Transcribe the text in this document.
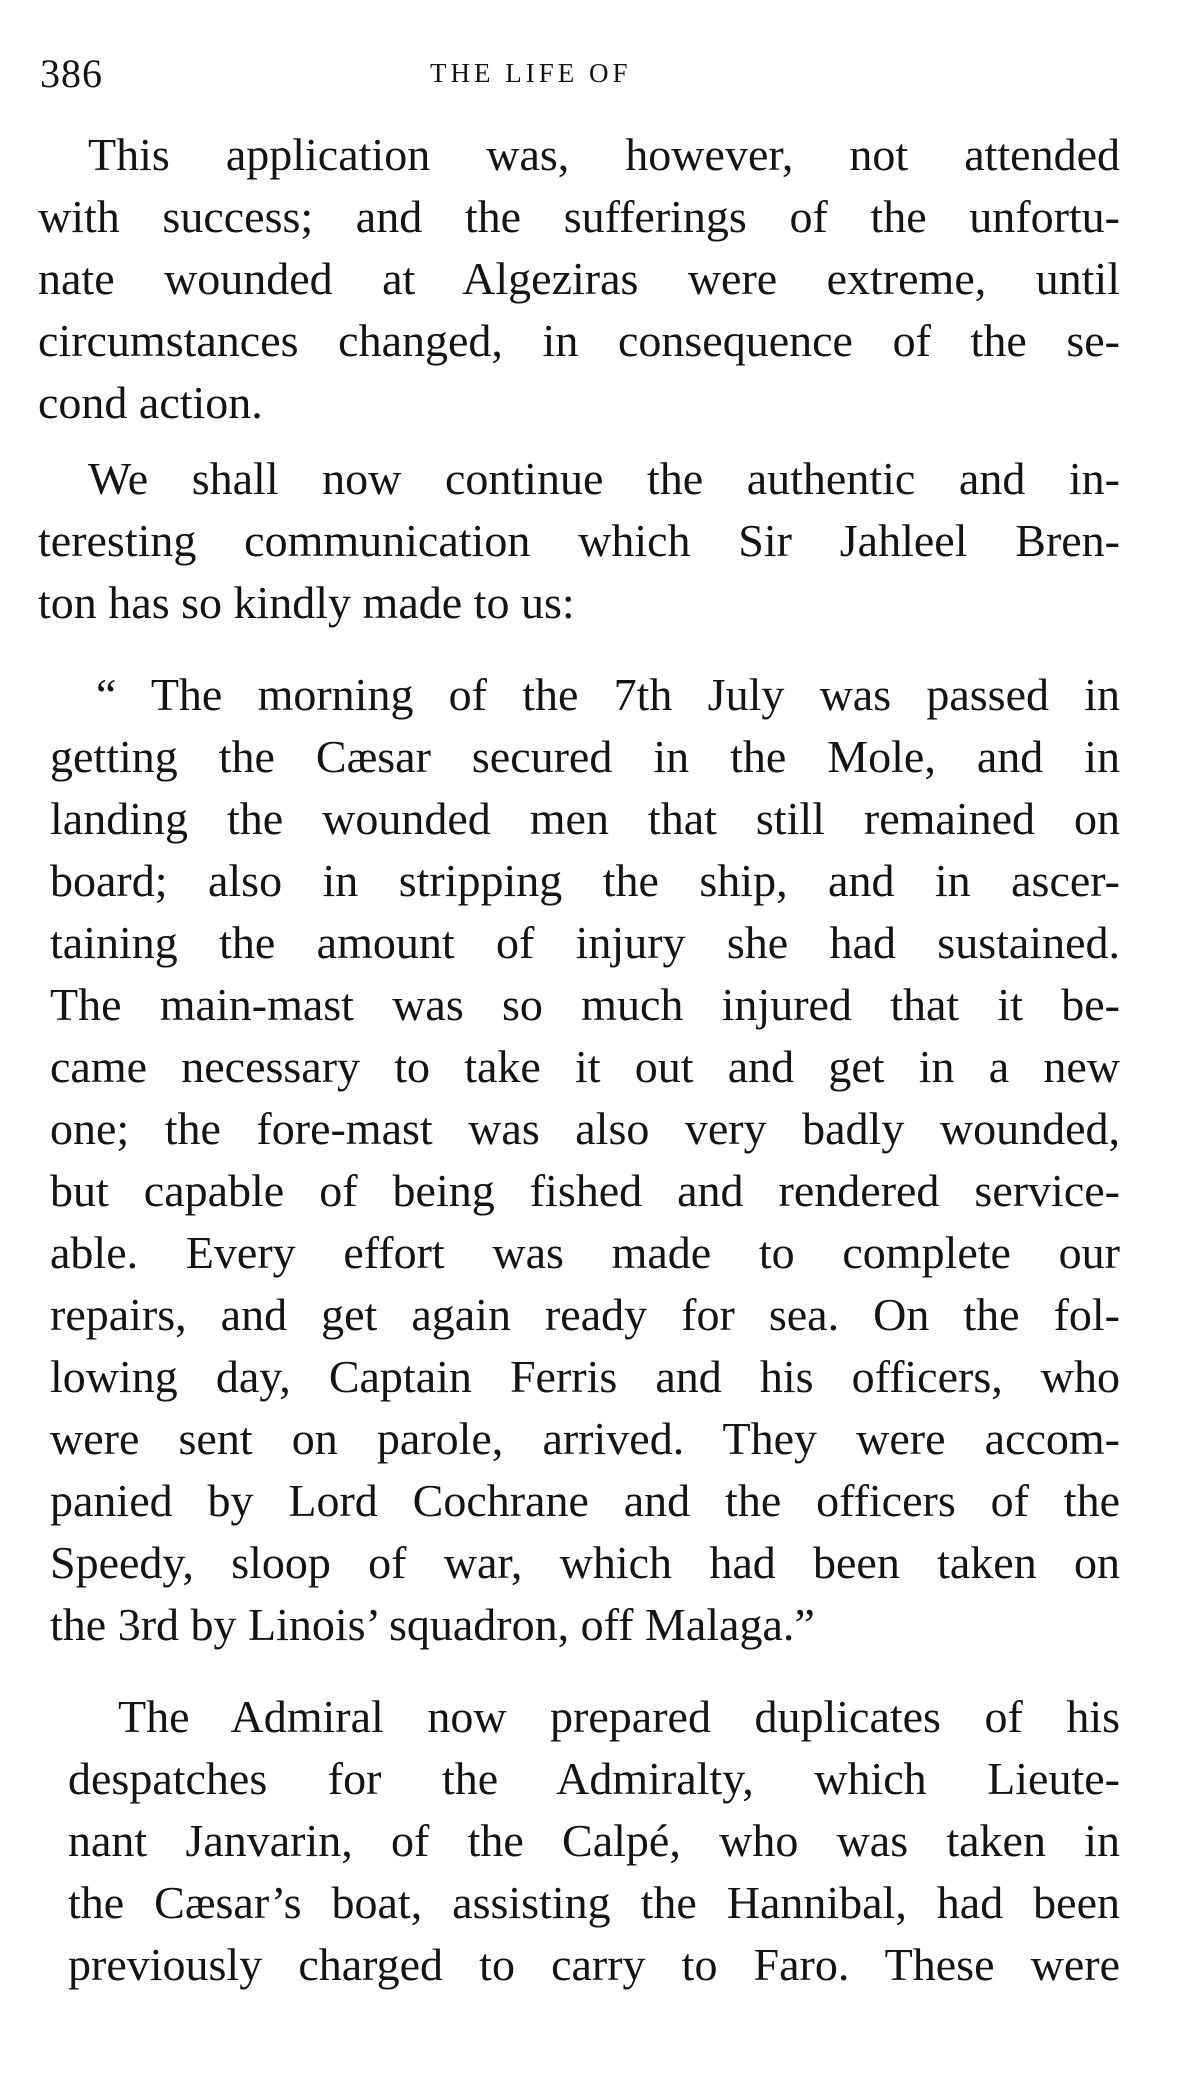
386	THE LIFE OF

This application was, however, not attended
with success; and the sufferings of the unfortu-
nate wounded at Algeziras were extreme, until
circumstances changed, in consequence of the se-
cond action.

We shall now continue the authentic and in-
teresting communication which Sir Jahleel Bren-
ton has so kindly made to us:

“ The morning of the 7th July was passed in
getting the Cæsar secured in the Mole, and in
landing the wounded men that still remained on
board; also in stripping the ship, and in ascer-
taining the amount of injury she had sustained.
The main-mast was so much injured that it be-
came necessary to take it out and get in a new
one; the fore-mast was also very badly wounded,
but capable of being fished and rendered service-
able. Every effort was made to complete our
repairs, and get again ready for sea. On the fol-
lowing day, Captain Ferris and his officers, who
were sent on parole, arrived. They were accom-
panied by Lord Cochrane and the officers of the
Speedy, sloop of war, which had been taken on
the 3rd by Linois’ squadron, off Malaga.”

The Admiral now prepared duplicates of his
despatches for the Admiralty, which Lieute-
nant Janvarin, of the Calpé, who was taken in
the Cæsar’s boat, assisting the Hannibal, had been
previously charged to carry to Faro. These were
